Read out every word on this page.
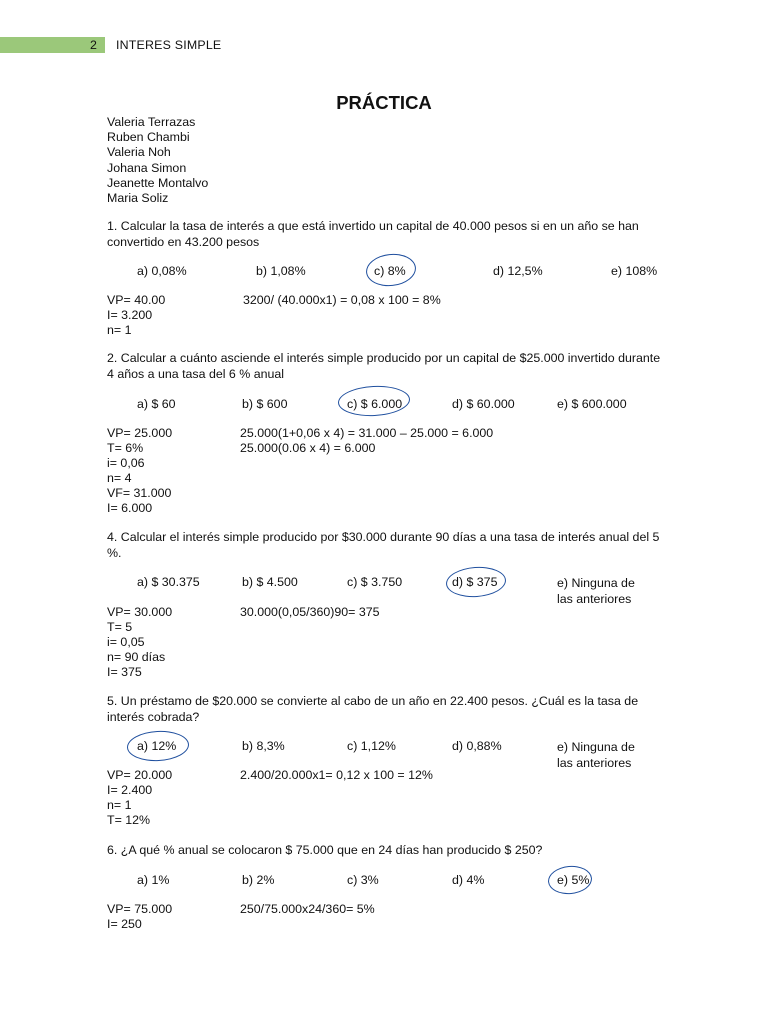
2 INTERES SIMPLE
PRÁCTICA
Valeria Terrazas
Ruben Chambi
Valeria Noh
Johana Simon
Jeanette Montalvo
Maria Soliz
1. Calcular la tasa de interés a que está invertido un capital de 40.000 pesos si en un año se han convertido en 43.200 pesos
a) 0,08%	b) 1,08%	c) 8%	d) 12,5%	e) 108%
VP= 40.00
I= 3.200
n= 1
3200/ (40.000x1) = 0,08 x 100 = 8%
2. Calcular a cuánto asciende el interés simple producido por un capital de $25.000 invertido durante 4 años a una tasa del 6 % anual
a) $ 60	b) $ 600	c) $ 6.000	d) $ 60.000	e) $ 600.000
VP= 25.000
T= 6%
i= 0,06
n= 4
VF= 31.000
I= 6.000
25.000(1+0,06 x 4) = 31.000 – 25.000 = 6.000
25.000(0.06 x 4) = 6.000
4. Calcular el interés simple producido por $30.000 durante 90 días a una tasa de interés anual del 5 %.
a) $ 30.375	b) $ 4.500	c) $ 3.750	d) $ 375	e) Ninguna de las anteriores
VP= 30.000
T= 5
i= 0,05
n= 90 días
I= 375
30.000(0,05/360)90= 375
5. Un préstamo de $20.000 se convierte al cabo de un año en 22.400 pesos. ¿Cuál es la tasa de interés cobrada?
a) 12%	b) 8,3%	c) 1,12%	d) 0,88%	e) Ninguna de las anteriores
VP= 20.000
I= 2.400
n= 1
T= 12%
2.400/20.000x1= 0,12 x 100 = 12%
6. ¿A qué % anual se colocaron $ 75.000 que en 24 días han producido $ 250?
a) 1%	b) 2%	c) 3%	d) 4%	e) 5%
VP= 75.000
I= 250
250/75.000x24/360= 5%
